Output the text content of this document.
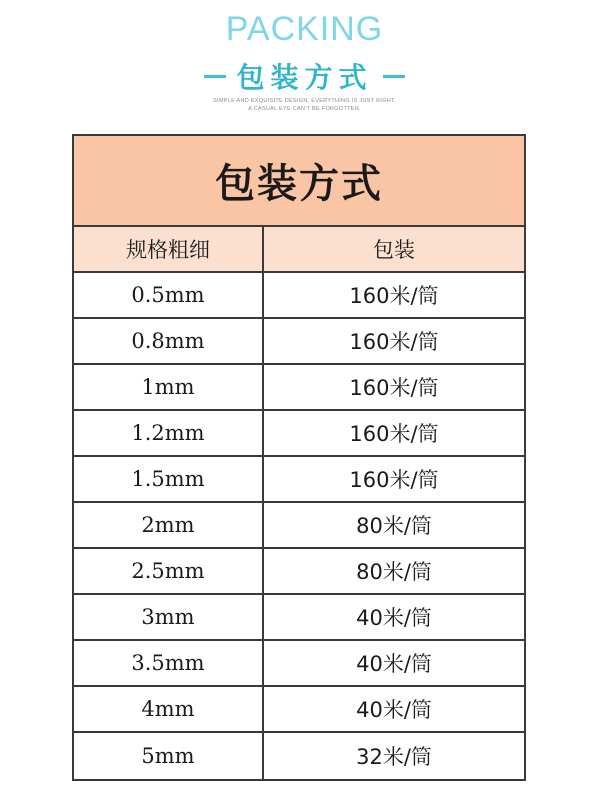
PACKING
包装方式
SIMPLE AND EXQUISITE DESIGN, EVERYTHING IS JUST RIGHT.
A CASUAL EYE CAN'T BE FORGOTTEN.
包装方式
规格粗细	包装
0.5mm	160米/筒
0.8mm	160米/筒
1mm	160米/筒
1.2mm	160米/筒
1.5mm	160米/筒
2mm	80米/筒
2.5mm	80米/筒
3mm	40米/筒
3.5mm	40米/筒
4mm	40米/筒
5mm	32米/筒
